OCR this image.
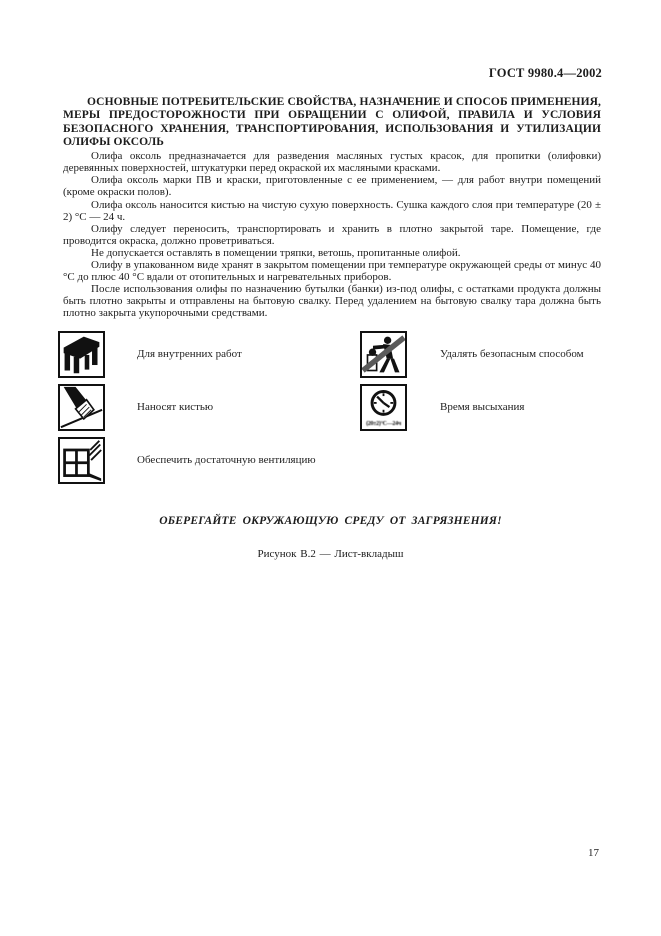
ГОСТ 9980.4—2002

ОСНОВНЫЕ ПОТРЕБИТЕЛЬСКИЕ СВОЙСТВА, НАЗНАЧЕНИЕ И СПОСОБ ПРИМЕНЕНИЯ, МЕРЫ ПРЕДОСТОРОЖНОСТИ ПРИ ОБРАЩЕНИИ С ОЛИФОЙ, ПРАВИЛА И УСЛОВИЯ БЕЗОПАСНОГО ХРАНЕНИЯ, ТРАНСПОРТИРОВАНИЯ, ИСПОЛЬЗОВАНИЯ И УТИЛИЗАЦИИ ОЛИФЫ ОКСОЛЬ

Олифа оксоль предназначается для разведения масляных густых красок, для пропитки (олифовки) деревянных поверхностей, штукатурки перед окраской их масляными красками.

Олифа оксоль марки ПВ и краски, приготовленные с ее применением, — для работ внутри помещений (кроме окраски полов).

Олифа оксоль наносится кистью на чистую сухую поверхность. Сушка каждого слоя при температуре (20 ± 2) °С — 24 ч.

Олифу следует переносить, транспортировать и хранить в плотно закрытой таре. Помещение, где проводится окраска, должно проветриваться.

Не допускается оставлять в помещении тряпки, ветошь, пропитанные олифой.

Олифу в упакованном виде хранят в закрытом помещении при температуре окружающей среды от минус 40 °С до плюс 40 °С вдали от отопительных и нагревательных приборов.

После использования олифы по назначению бутылки (банки) из-под олифы, с остатками продукта должны быть плотно закрыты и отправлены на бытовую свалку. Перед удалением на бытовую свалку тара должна быть плотно закрыта укупорочными средствами.

Для внутренних работ
Наносят кистью
Обеспечить достаточную вентиляцию
Удалять безопасным способом
(20±2)°С—24ч
Время высыхания
ОБЕРЕГАЙТЕ ОКРУЖАЮЩУЮ СРЕДУ ОТ ЗАГРЯЗНЕНИЯ!
Рисунок В.2 — Лист-вкладыш
17
